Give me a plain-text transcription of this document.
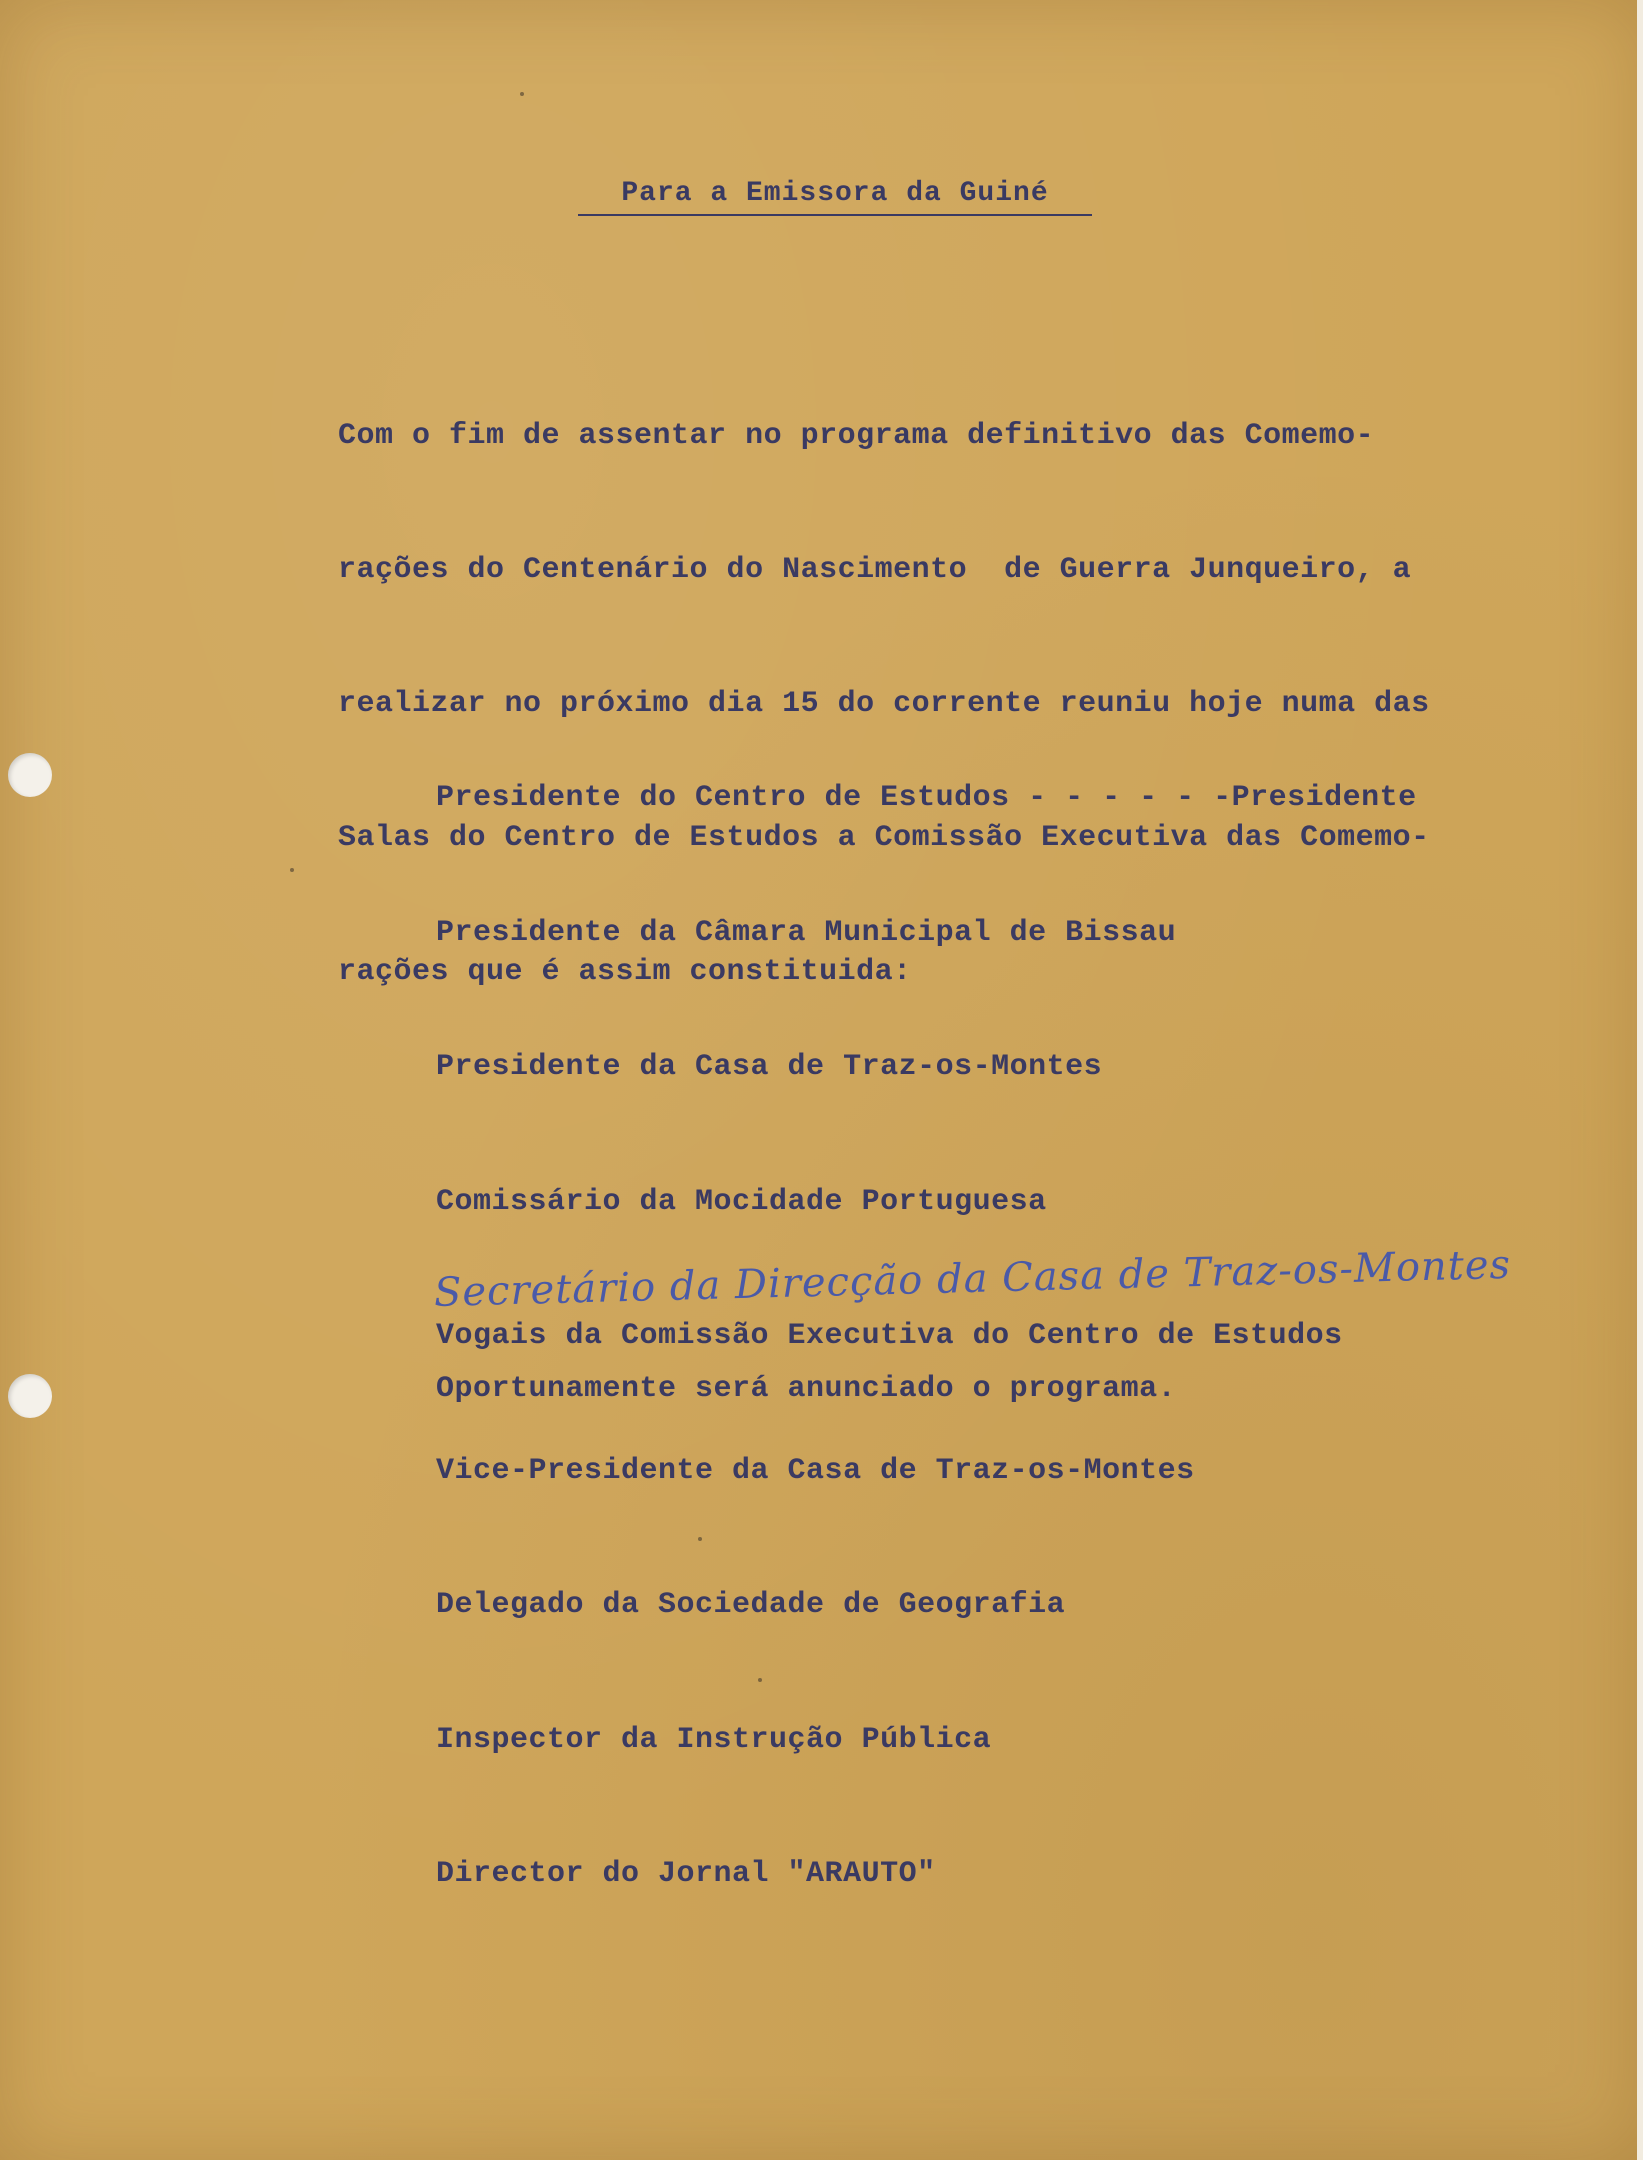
Para a Emissora da Guiné

Com o fim de assentar no programa definitivo das Comemo-

rações do Centenário do Nascimento  de Guerra Junqueiro, a

realizar no próximo dia 15 do corrente reuniu hoje numa das

Salas do Centro de Estudos a Comissão Executiva das Comemo-

rações que é assim constituida:

Presidente do Centro de Estudos - - - - - -Presidente

Presidente da Câmara Municipal de Bissau

Presidente da Casa de Traz-os-Montes

Comissário da Mocidade Portuguesa

Vogais da Comissão Executiva do Centro de Estudos

Vice-Presidente da Casa de Traz-os-Montes

Delegado da Sociedade de Geografia

Inspector da Instrução Pública

Director do Jornal "ARAUTO"

Secretário da Direcção da Casa de Traz-os-Montes
Oportunamente será anunciado o programa.
